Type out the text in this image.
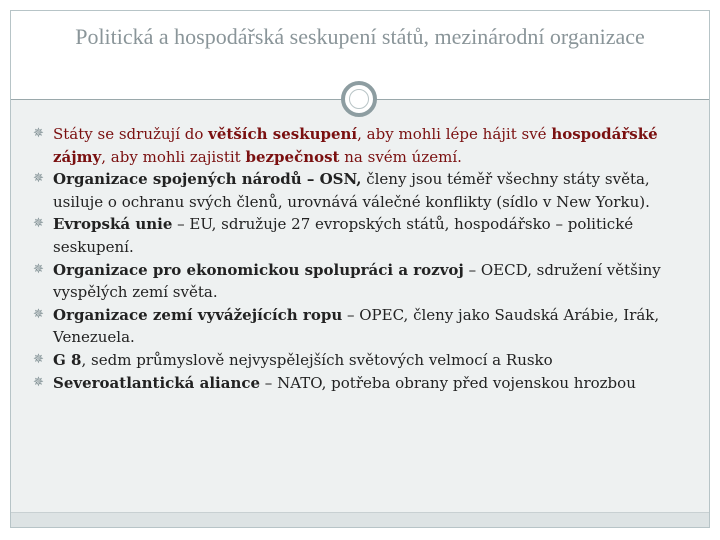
Politická a hospodářská seskupení států, mezinárodní organizace
✵ Státy se sdružují do větších seskupení, aby mohli lépe hájit své hospodářské zájmy, aby mohli zajistit bezpečnost na svém území.
✵ Organizace spojených národů – OSN, členy jsou téměř všechny státy světa, usiluje o ochranu svých členů, urovnává válečné konflikty (sídlo v New Yorku).
✵ Evropská unie – EU, sdružuje 27 evropských států, hospodářsko – politické seskupení.
✵ Organizace pro ekonomickou spolupráci a rozvoj – OECD, sdružení většiny vyspělých zemí světa.
✵ Organizace zemí vyvážejících ropu – OPEC, členy jako Saudská Arábie, Irák, Venezuela.
✵ G 8, sedm průmyslově nejvyspělejších světových velmocí a Rusko
✵ Severoatlantická aliance – NATO, potřeba obrany před vojenskou hrozbou
